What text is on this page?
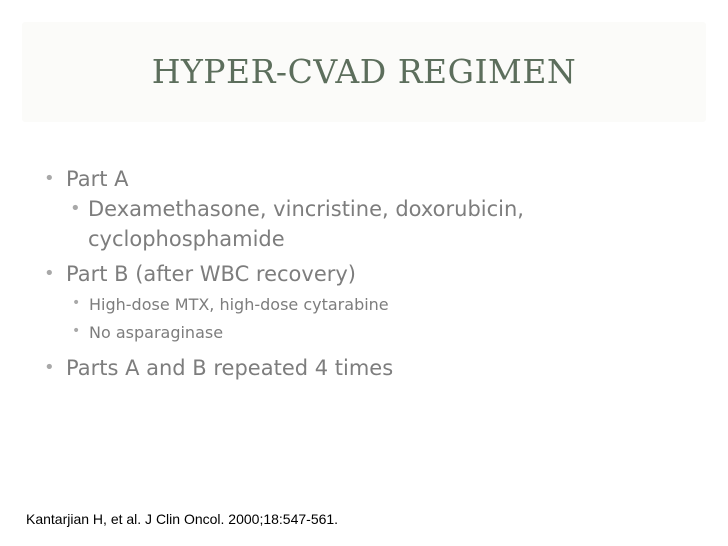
HYPER-CVAD REGIMEN
• Part A
• Dexamethasone, vincristine, doxorubicin,
cyclophosphamide
• Part B (after WBC recovery)
• High-dose MTX, high-dose cytarabine
• No asparaginase
• Parts A and B repeated 4 times
Kantarjian H, et al. J Clin Oncol. 2000;18:547-561.
